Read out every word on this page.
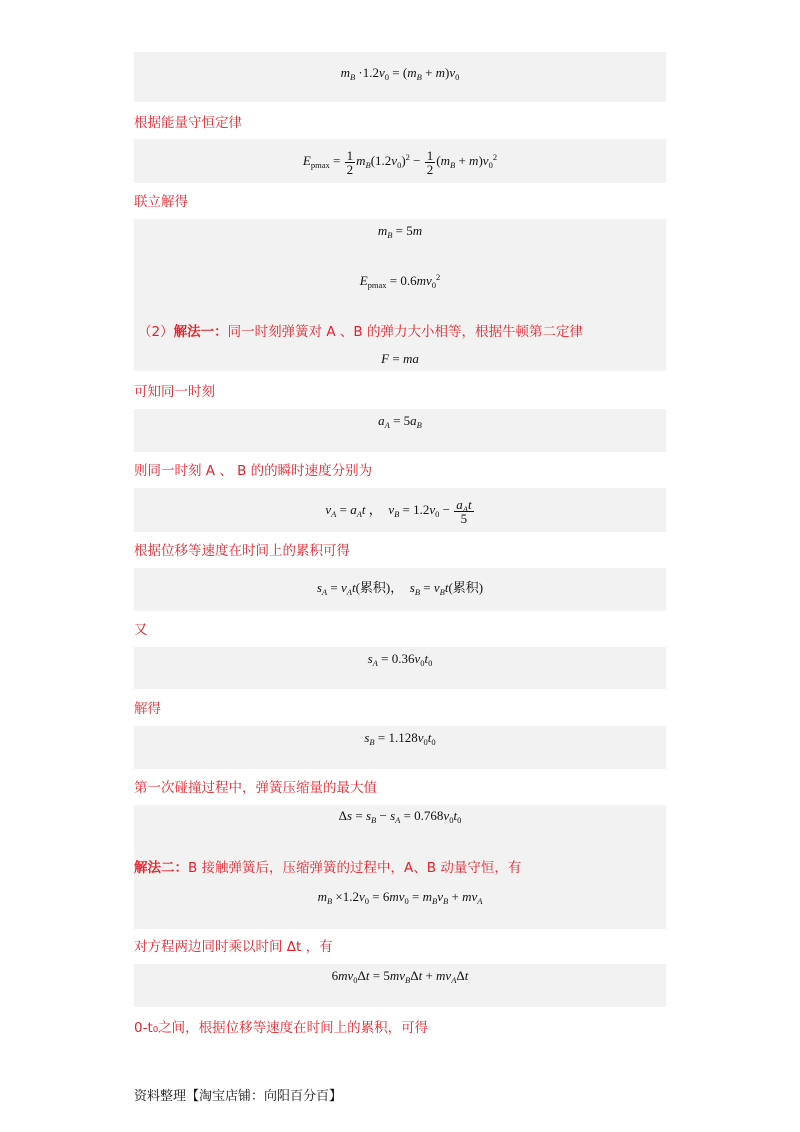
$m_B \cdot 1.2v_0 = (m_B + m)v_0$
根据能量守恒定律
$E_{pmax} = \frac{1}{2} m_B(1.2v_0)^2 - \frac{1}{2} (m_B + m)v_0^2$
联立解得
$m_B = 5m$
$E_{pmax} = 0.6mv_0^2$
（2）解法一：同一时刻弹簧对 A 、B 的弹力大小相等，根据牛顿第二定律
F = ma
可知同一时刻
$a_A = 5a_B$
则同一时刻 A 、 B 的的瞬时速度分别为
$v_A = a_At$ ，  $v_B = 1.2v_0 - \frac{a_At}{5}$
根据位移等速度在时间上的累积可得
$s_A = v_At$(累积)，  $s_B = v_Bt$(累积)
又
$s_A = 0.36v_0t_0$
解得
$s_B = 1.128v_0t_0$
第一次碰撞过程中，弹簧压缩量的最大值
$\Delta s = s_B - s_A = 0.768v_0t_0$
解法二：B 接触弹簧后，压缩弹簧的过程中，A、B 动量守恒，有
$m_B \times 1.2v_0 = 6mv_0 = m_Bv_B + mv_A$
对方程两边同时乘以时间 Δt ，有
$6mv_0\Delta t = 5mv_B\Delta t + mv_A\Delta t$
0-t₀之间，根据位移等速度在时间上的累积，可得
资料整理【淘宝店铺：向阳百分百】
